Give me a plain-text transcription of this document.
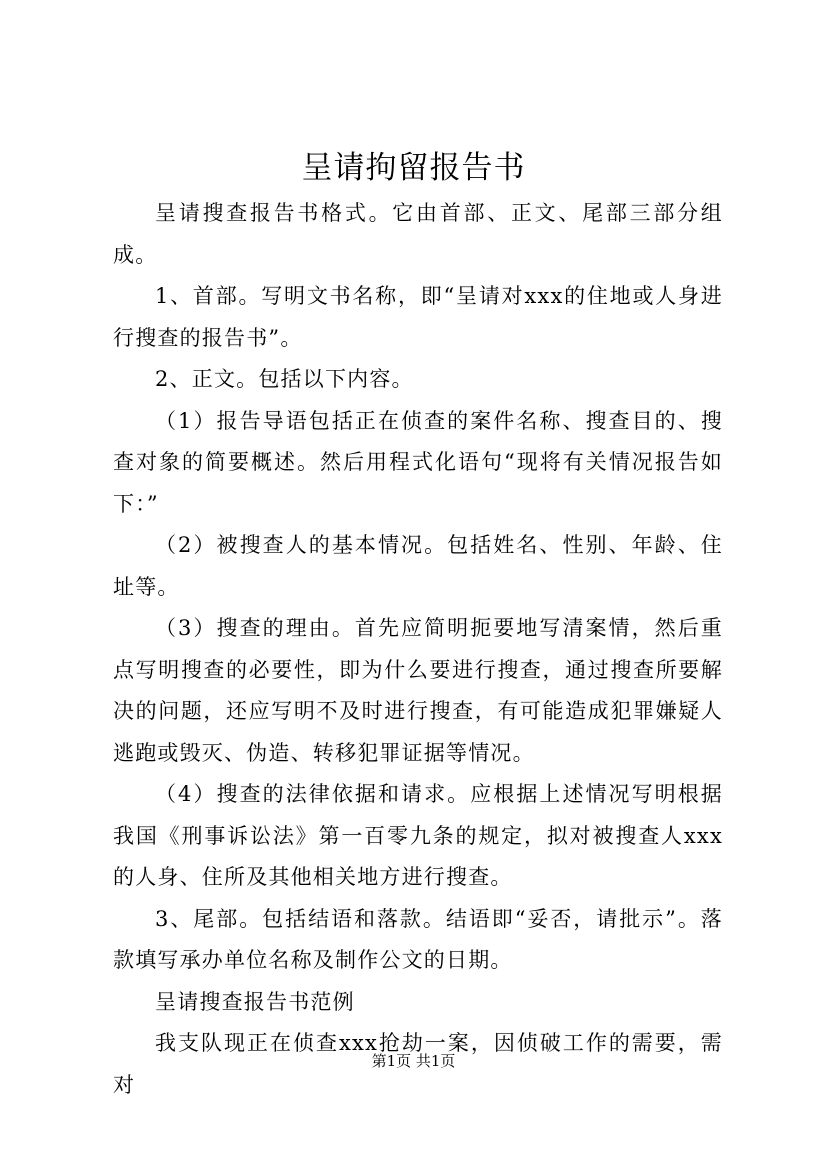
呈请拘留报告书

呈请搜查报告书格式。它由首部、正文、尾部三部分组成。

1、首部。写明文书名称，即“呈请对xxx的住地或人身进行搜查的报告书”。

2、正文。包括以下内容。

（1）报告导语包括正在侦查的案件名称、搜查目的、搜查对象的简要概述。然后用程式化语句“现将有关情况报告如下：”

（2）被搜查人的基本情况。包括姓名、性别、年龄、住址等。

（3）搜查的理由。首先应简明扼要地写清案情，然后重点写明搜查的必要性，即为什么要进行搜查，通过搜查所要解决的问题，还应写明不及时进行搜查，有可能造成犯罪嫌疑人逃跑或毁灭、伪造、转移犯罪证据等情况。

（4）搜查的法律依据和请求。应根据上述情况写明根据我国《刑事诉讼法》第一百零九条的规定，拟对被搜查人xxx的人身、住所及其他相关地方进行搜查。

3、尾部。包括结语和落款。结语即“妥否，请批示”。落款填写承办单位名称及制作公文的日期。

呈请搜查报告书范例

我支队现正在侦查xxx抢劫一案，因侦破工作的需要，需对

第1页 共1页
